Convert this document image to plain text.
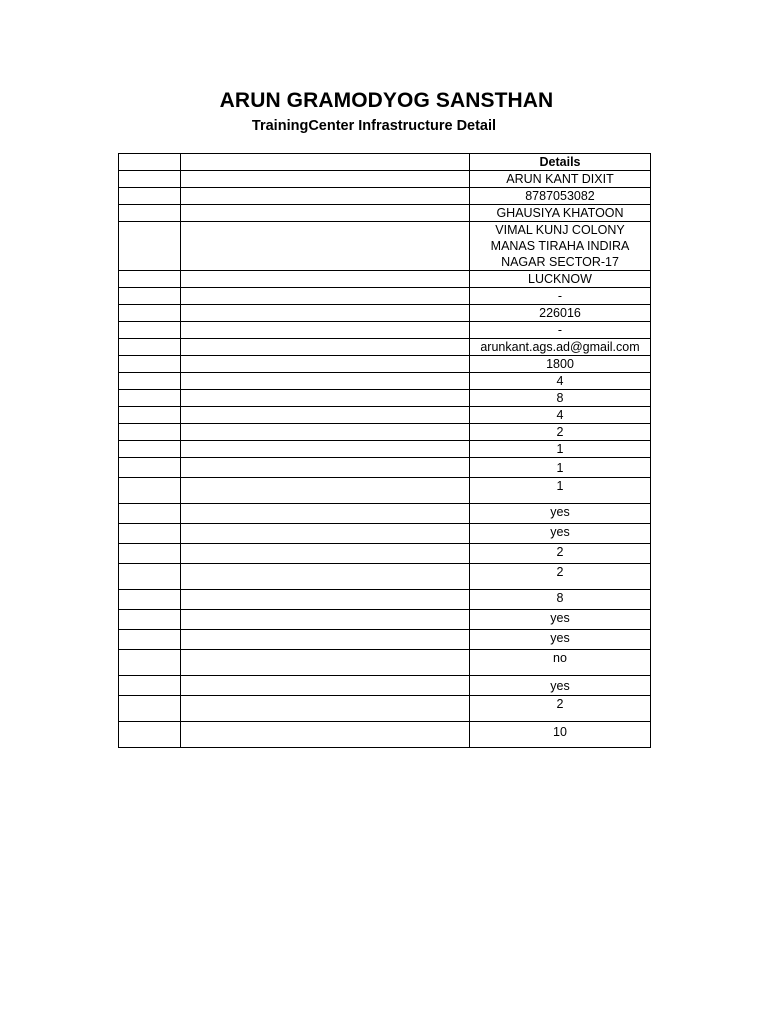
ARUN GRAMODYOG SANSTHAN
TrainingCenter Infrastructure Detail
		Details
		ARUN KANT DIXIT
		8787053082
		GHAUSIYA KHATOON

		VIMAL KUNJ COLONY
MANAS TIRAHA INDIRA
NAGAR SECTOR-17

		LUCKNOW
		-
		226016
		-
		arunkant.ags.ad@gmail.com
		1800
		4
		8
		4
		2
		1
		1
		1
		yes
		yes
		2
		2
		8
		yes
		yes
		no
		yes
		2
		10
